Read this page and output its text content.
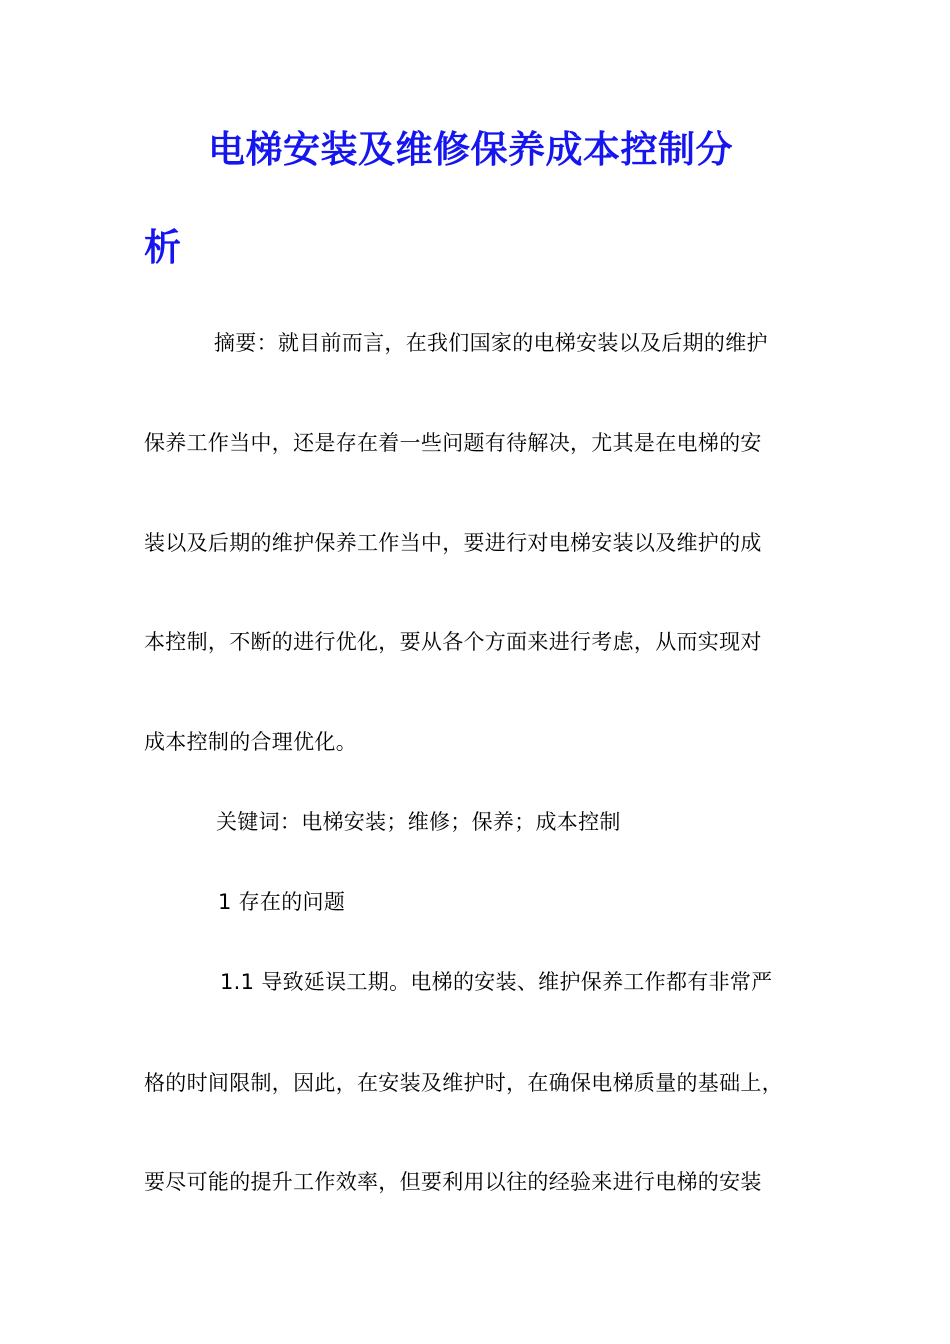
电梯安装及维修保养成本控制分
析
摘要：就目前而言，在我们国家的电梯安装以及后期的维护
保养工作当中，还是存在着一些问题有待解决，尤其是在电梯的安
装以及后期的维护保养工作当中，要进行对电梯安装以及维护的成
本控制，不断的进行优化，要从各个方面来进行考虑，从而实现对
成本控制的合理优化。
关键词：电梯安装；维修；保养；成本控制
1 存在的问题
1.1 导致延误工期。电梯的安装、维护保养工作都有非常严
格的时间限制，因此，在安装及维护时，在确保电梯质量的基础上，
要尽可能的提升工作效率，但要利用以往的经验来进行电梯的安装
